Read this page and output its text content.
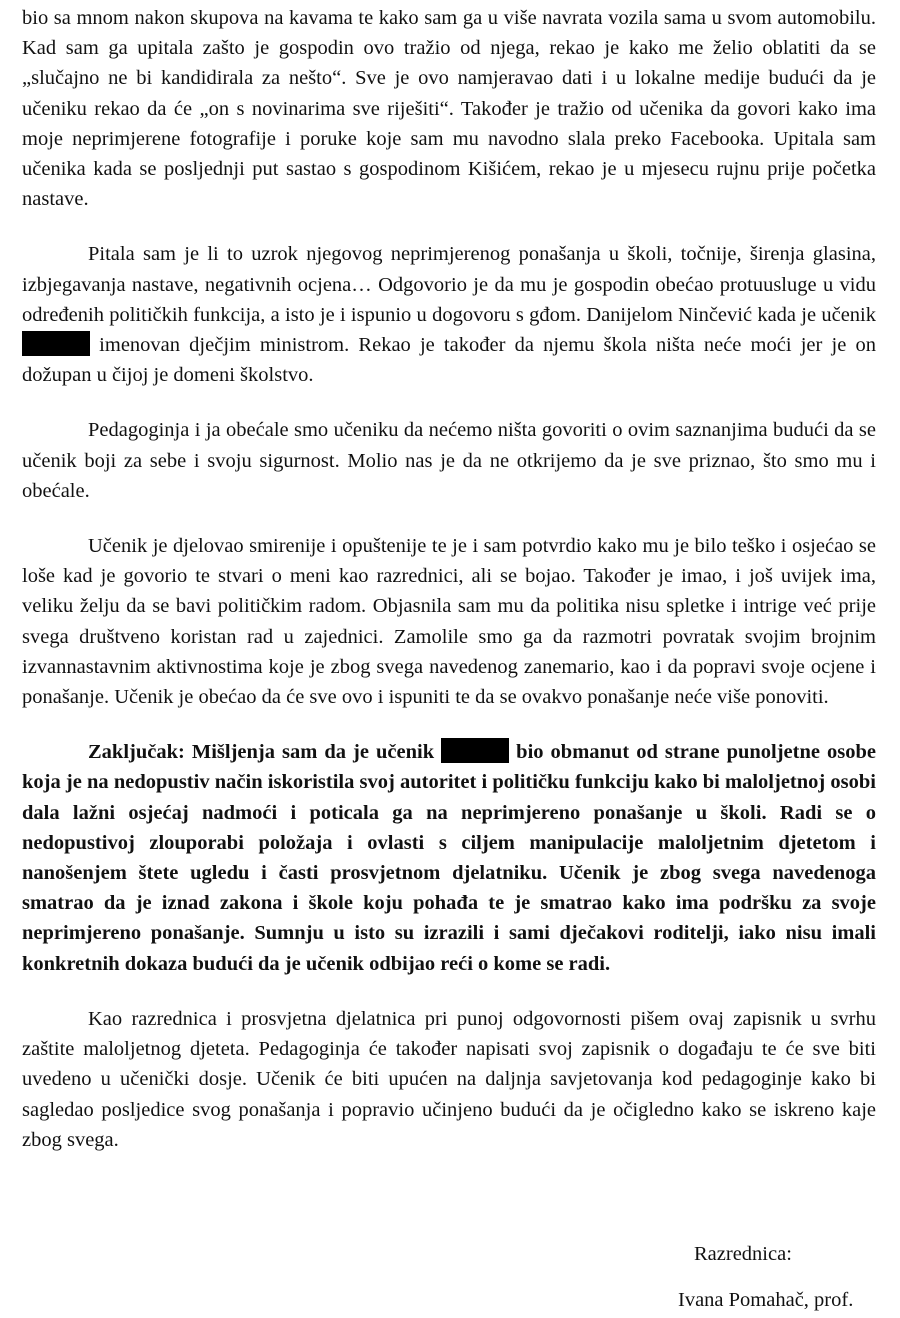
bio sa mnom nakon skupova na kavama te kako sam ga u više navrata vozila sama u svom automobilu. Kad sam ga upitala zašto je gospodin ovo tražio od njega, rekao je kako me želio oblatiti da se „slučajno ne bi kandidirala za nešto“. Sve je ovo namjeravao dati i u lokalne medije budući da je učeniku rekao da će „on s novinarima sve riješiti“. Također je tražio od učenika da govori kako ima moje neprimjerene fotografije i poruke koje sam mu navodno slala preko Facebooka. Upitala sam učenika kada se posljednji put sastao s gospodinom Kišićem, rekao je u mjesecu rujnu prije početka nastave.

Pitala sam je li to uzrok njegovog neprimjerenog ponašanja u školi, točnije, širenja glasina, izbjegavanja nastave, negativnih ocjena… Odgovorio je da mu je gospodin obećao protuusluge u vidu određenih političkih funkcija, a isto je i ispunio u dogovoru s gđom. Danijelom Ninčević kada je učenik  imenovan dječjim ministrom. Rekao je također da njemu škola ništa neće moći jer je on dožupan u čijoj je domeni školstvo.

Pedagoginja i ja obećale smo učeniku da nećemo ništa govoriti o ovim saznanjima budući da se učenik boji za sebe i svoju sigurnost. Molio nas je da ne otkrijemo da je sve priznao, što smo mu i obećale.

Učenik je djelovao smirenije i opuštenije te je i sam potvrdio kako mu je bilo teško i osjećao se loše kad je govorio te stvari o meni kao razrednici, ali se bojao. Također je imao, i još uvijek ima, veliku želju da se bavi političkim radom. Objasnila sam mu da politika nisu spletke i intrige već prije svega društveno koristan rad u zajednici. Zamolile smo ga da razmotri povratak svojim brojnim izvannastavnim aktivnostima koje je zbog svega navedenog zanemario, kao i da popravi svoje ocjene i ponašanje. Učenik je obećao da će sve ovo i ispuniti te da se ovakvo ponašanje neće više ponoviti.

Zaključak: Mišljenja sam da je učenik	bio obmanut od strane punoljetne osobe koja je na nedopustiv način iskoristila svoj autoritet i političku funkciju kako bi maloljetnoj osobi dala lažni osjećaj nadmoći i poticala ga na neprimjereno ponašanje u školi. Radi se o nedopustivoj zlouporabi položaja i ovlasti s ciljem manipulacije maloljetnim djetetom i nanošenjem štete ugledu i časti prosvjetnom djelatniku. Učenik je zbog svega navedenoga smatrao da je iznad zakona i škole koju pohađa te je smatrao kako ima podršku za svoje neprimjereno ponašanje. Sumnju u isto su izrazili i sami dječakovi roditelji, iako nisu imali konkretnih dokaza budući da je učenik odbijao reći o kome se radi.

Kao razrednica i prosvjetna djelatnica pri punoj odgovornosti pišem ovaj zapisnik u svrhu zaštite maloljetnog djeteta. Pedagoginja će također napisati svoj zapisnik o događaju te će sve biti uvedeno u učenički dosje. Učenik će biti upućen na daljnja savjetovanja kod pedagoginje kako bi sagledao posljedice svog ponašanja i popravio učinjeno budući da je očigledno kako se iskreno kaje zbog svega.

Razrednica:
Ivana Pomahač, prof.
